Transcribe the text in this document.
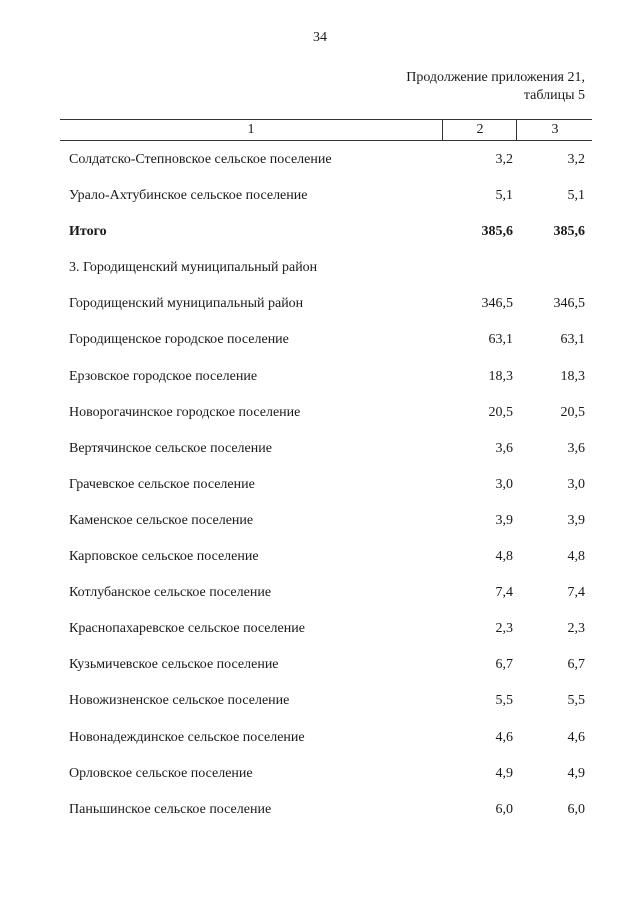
34
Продолжение приложения 21,
таблицы 5
1	2	3
Солдатско-Степновское сельское поселение	3,2	3,2
Урало-Ахтубинское сельское поселение	5,1	5,1
Итого	385,6	385,6
3. Городищенский муниципальный район
Городищенский муниципальный район	346,5	346,5
Городищенское городское поселение	63,1	63,1
Ерзовское городское поселение	18,3	18,3
Новорогачинское городское поселение	20,5	20,5
Вертячинское сельское поселение	3,6	3,6
Грачевское сельское поселение	3,0	3,0
Каменское сельское поселение	3,9	3,9
Карповское сельское поселение	4,8	4,8
Котлубанское сельское поселение	7,4	7,4
Краснопахаревское сельское поселение	2,3	2,3
Кузьмичевское сельское поселение	6,7	6,7
Новожизненское сельское поселение	5,5	5,5
Новонадеждинское сельское поселение	4,6	4,6
Орловское сельское поселение	4,9	4,9
Паньшинское сельское поселение	6,0	6,0
